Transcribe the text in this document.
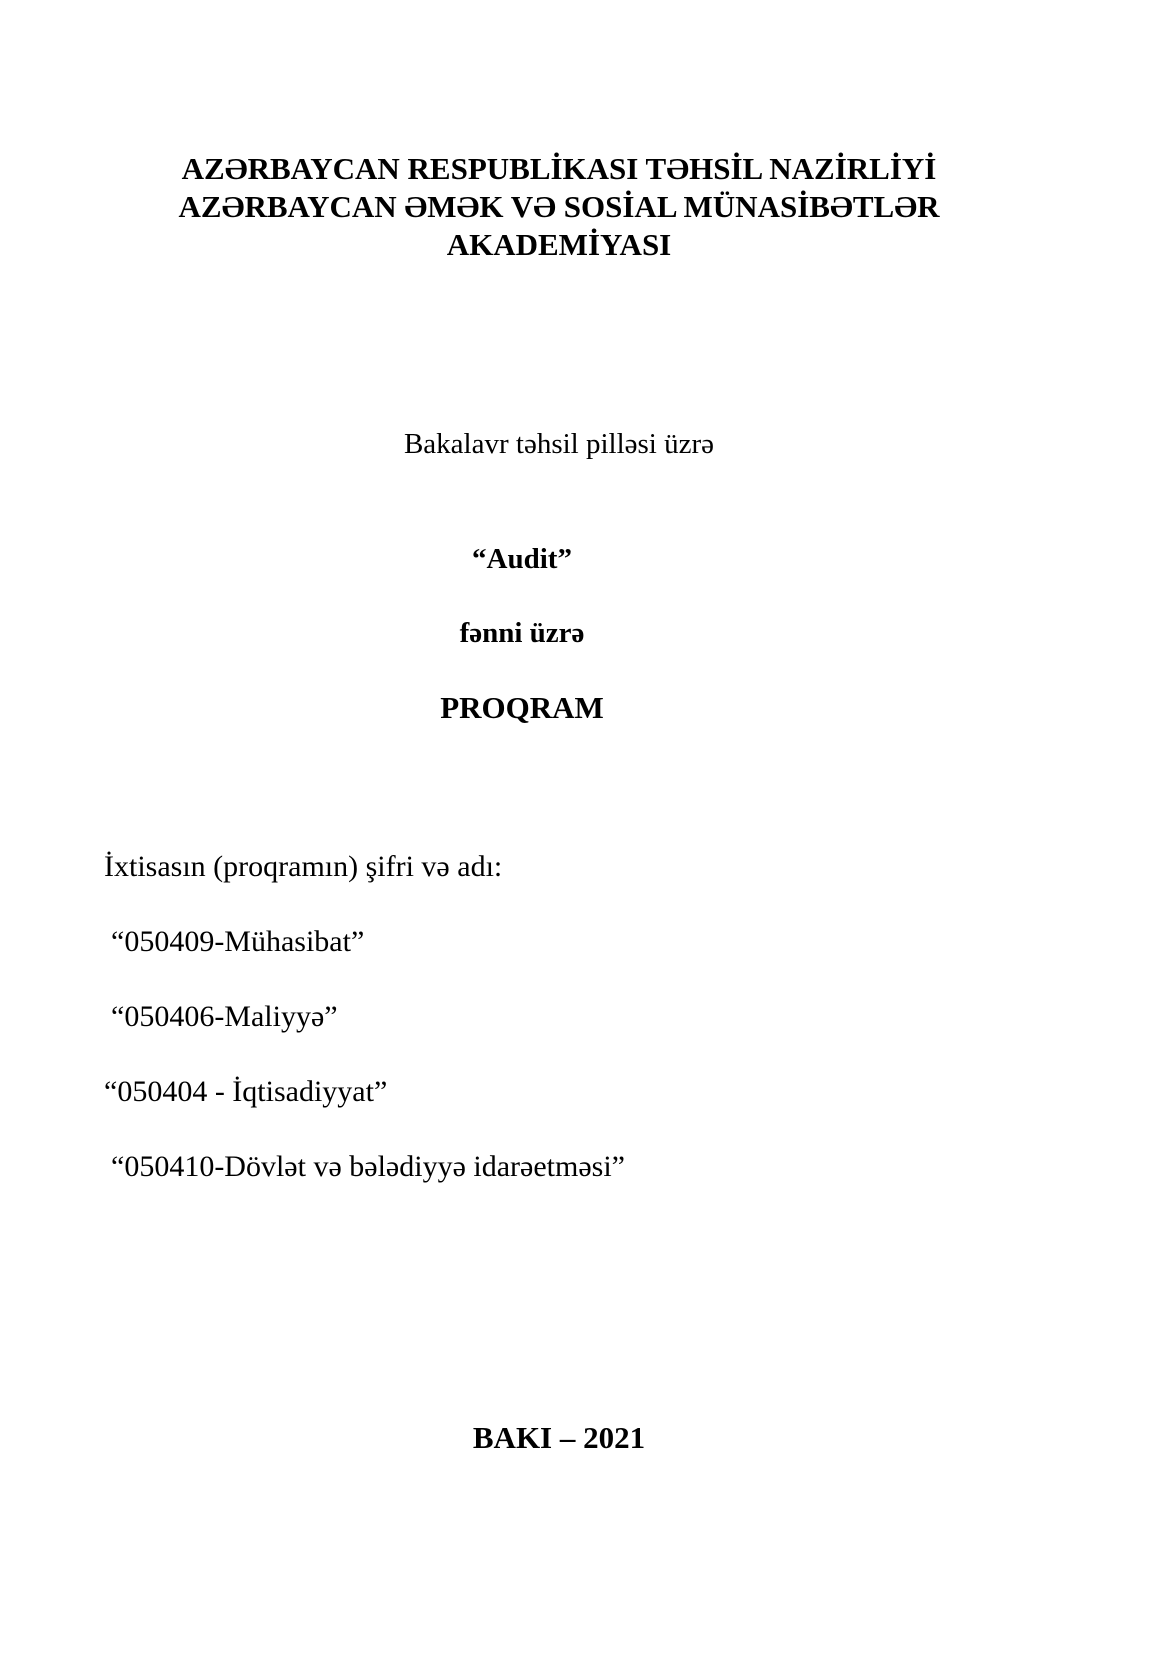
AZƏRBAYCAN RESPUBLİKASI TƏHSİL NAZİRLİYİ
AZƏRBAYCAN ƏMƏK VƏ SOSİAL MÜNASİBƏTLƏR
AKADEMİYASI
Bakalavr təhsil pilləsi üzrə
“Audit”
fənni üzrə
PROQRAM
İxtisasın (proqramın) şifri və adı:
“050409-Mühasibat”
“050406-Maliyyə”
“050404 - İqtisadiyyat”
“050410-Dövlət və bələdiyyə idarəetməsi”
BAKI – 2021
